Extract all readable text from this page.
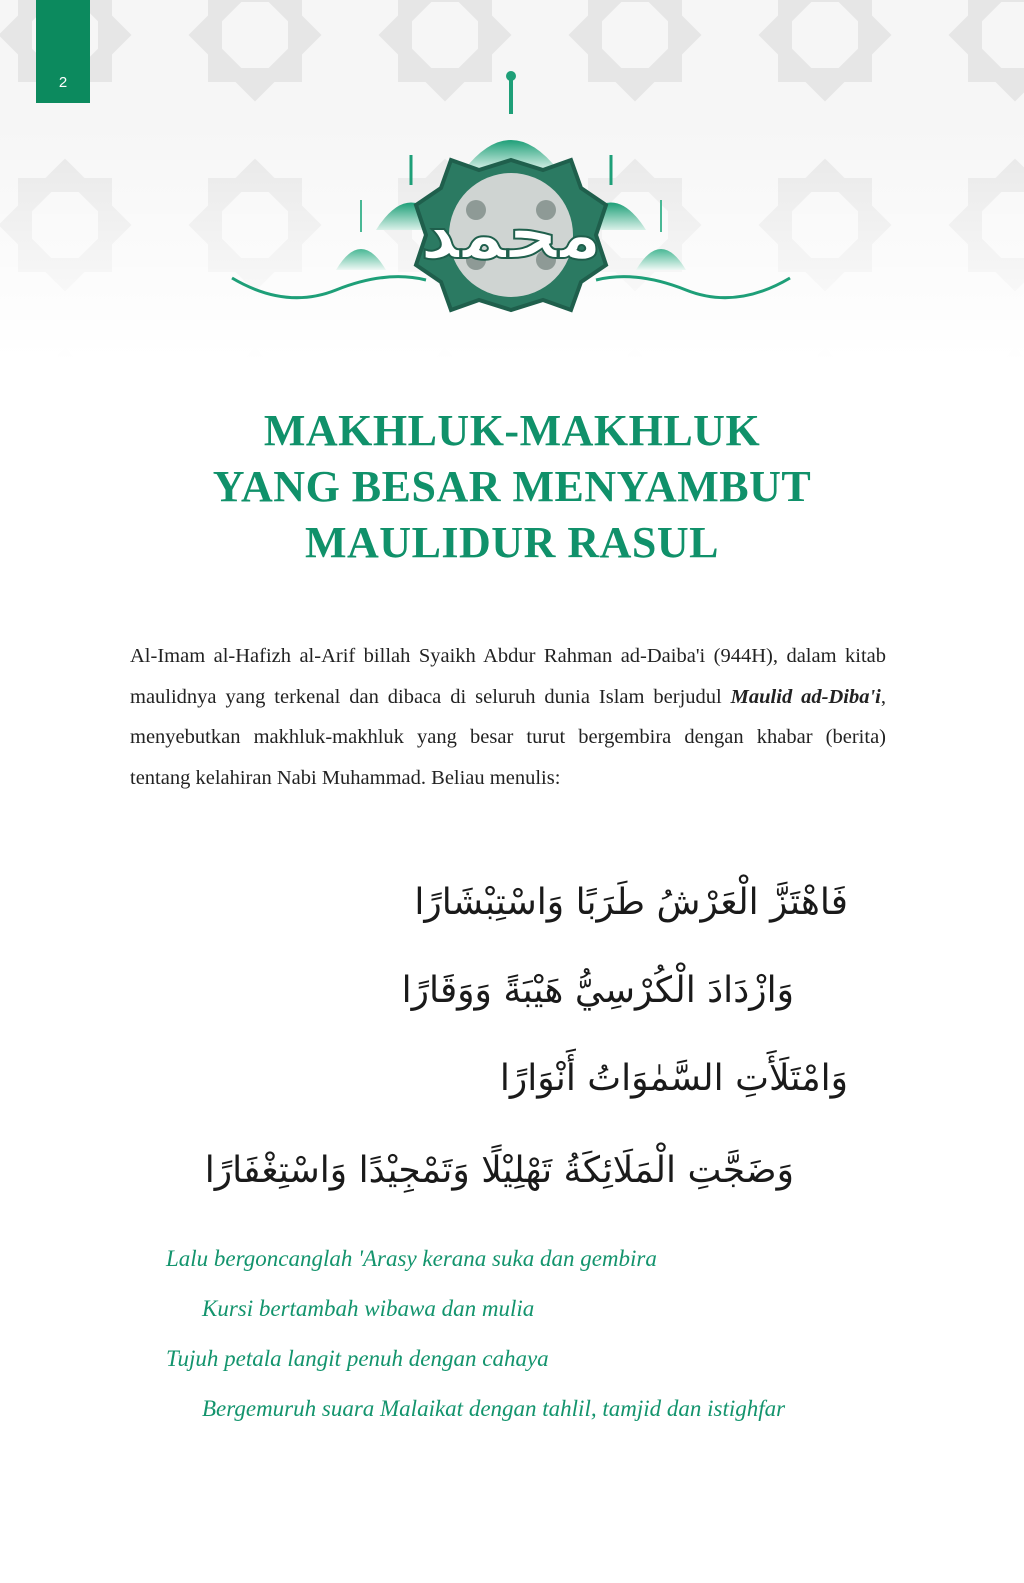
2
محمد
MAKHLUK-MAKHLUK
YANG BESAR MENYAMBUT
MAULIDUR RASUL

Al-Imam al-Hafizh al-Arif billah Syaikh Abdur Rahman ad-Daiba'i (944H), dalam kitab maulidnya yang terkenal dan dibaca di seluruh dunia Islam berjudul Maulid ad-Diba'i, menyebutkan makhluk-makhluk yang besar turut bergembira dengan khabar (berita) tentang kelahiran Nabi Muhammad. Beliau menulis:

فَاهْتَزَّ الْعَرْشُ طَرَبًا وَاسْتِبْشَارًا

وَازْدَادَ الْكُرْسِيُّ هَيْبَةً وَوَقَارًا

وَامْتَلَأَتِ السَّمٰوَاتُ أَنْوَارًا

وَضَجَّتِ الْمَلَائِكَةُ تَهْلِيْلًا وَتَمْجِيْدًا وَاسْتِغْفَارًا

Lalu bergoncanglah 'Arasy kerana suka dan gembira

Kursi bertambah wibawa dan mulia

Tujuh petala langit penuh dengan cahaya

Bergemuruh suara Malaikat dengan tahlil, tamjid dan istighfar
